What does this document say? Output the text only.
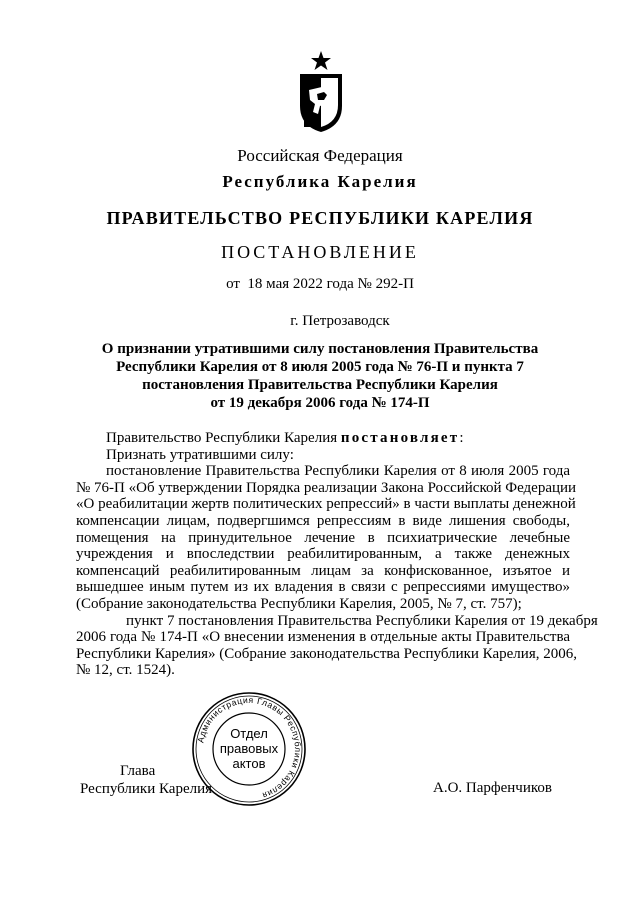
Российская Федерация
Республика Карелия
ПРАВИТЕЛЬСТВО РЕСПУБЛИКИ КАРЕЛИЯ
ПОСТАНОВЛЕНИЕ
от  18 мая 2022 года № 292-П
г. Петрозаводск
О признании утратившими силу постановления Правительства
Республики Карелия от 8 июля 2005 года № 76-П и пункта 7
постановления Правительства Республики Карелия
от 19 декабря 2006 года № 174-П
Правительство Республики Карелия постановляет:
Признать утратившими силу:
постановление Правительства Республики Карелия от 8 июля 2005 года
№ 76-П «Об утверждении Порядка реализации Закона Российской Федерации
«О реабилитации жертв политических репрессий» в части выплаты денежной
компенсации лицам, подвергшимся репрессиям в виде лишения свободы,
помещения на принудительное лечение в психиатрические лечебные
учреждения и впоследствии реабилитированным, а также денежных
компенсаций реабилитированным лицам за конфискованное, изъятое и
вышедшее иным путем из их владения в связи с репрессиями имущество»
(Собрание законодательства Республики Карелия, 2005, № 7, ст. 757);
пункт 7 постановления Правительства Республики Карелия от 19 декабря
2006 года № 174-П «О внесении изменения в отдельные акты Правительства
Республики Карелия» (Собрание законодательства Республики Карелия, 2006,
№ 12, ст. 1524).
Администрация Главы Республики Карелия
Отдел
правовых
актов
Глава
Республики Карелия	А.О. Парфенчиков
